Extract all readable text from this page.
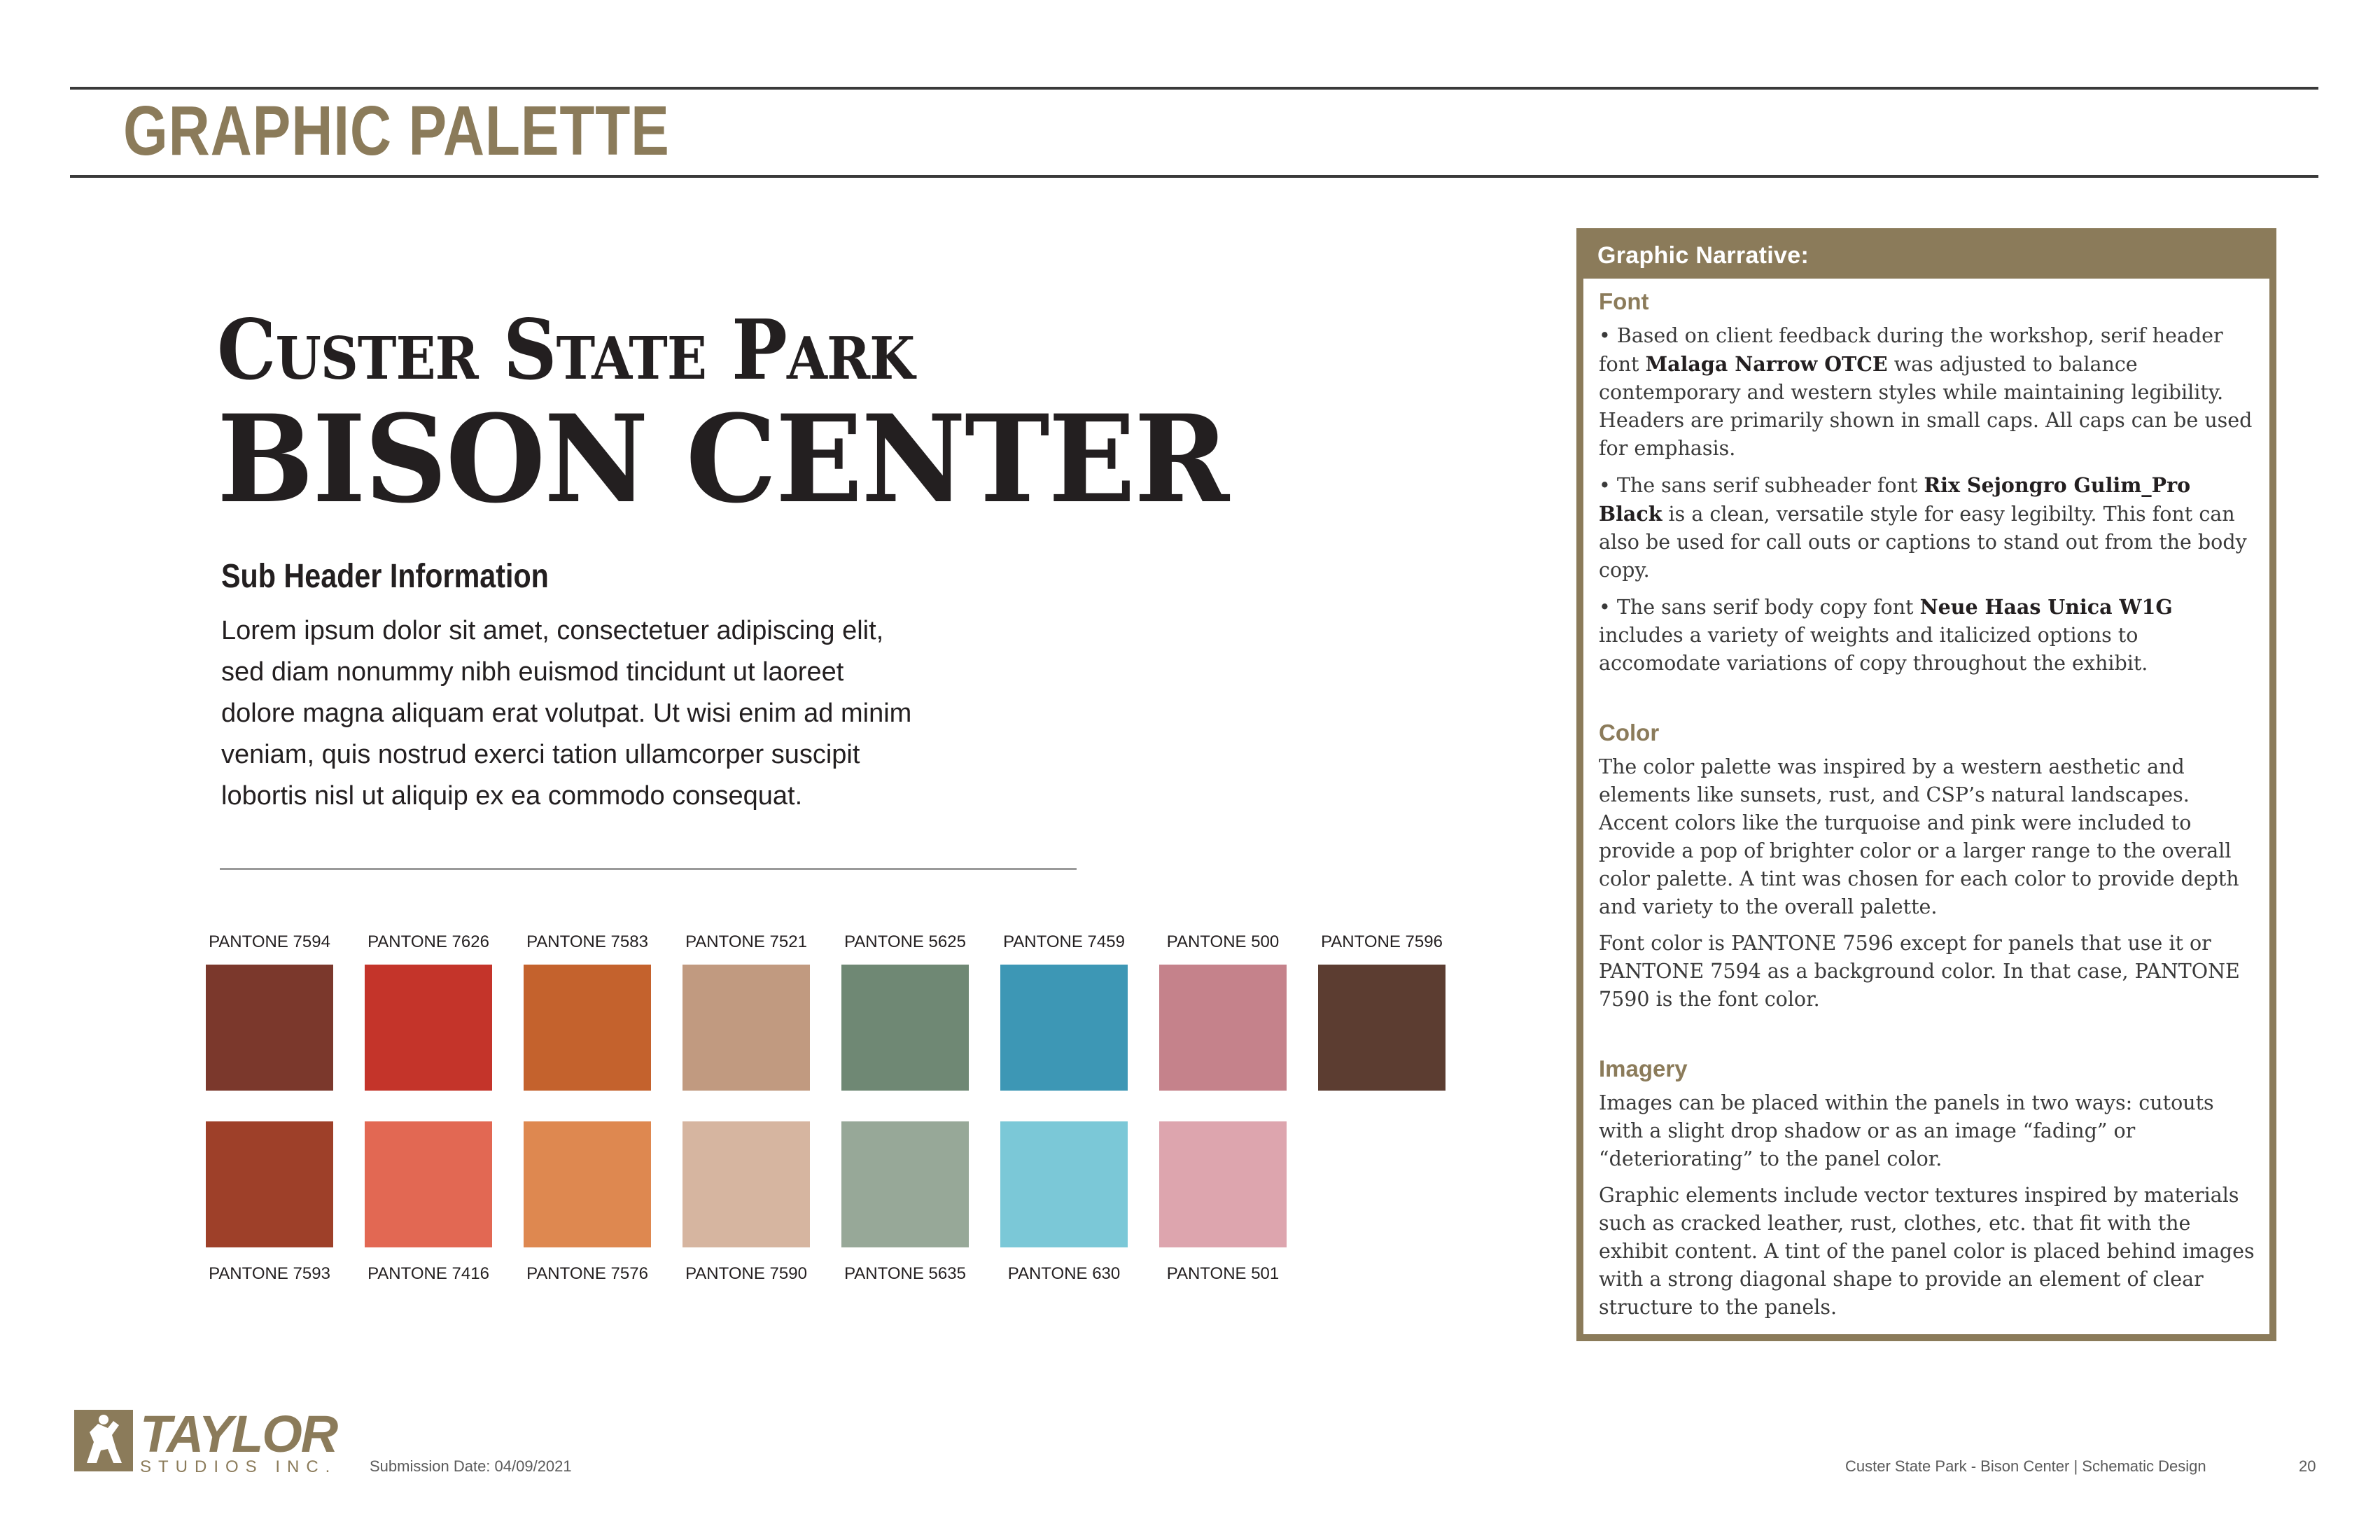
GRAPHIC PALETTE
Custer State Park
BISON CENTER
Sub Header Information
Lorem ipsum dolor sit amet, consectetuer adipiscing elit,
sed diam nonummy nibh euismod tincidunt ut laoreet
dolore magna aliquam erat volutpat. Ut wisi enim ad minim
veniam, quis nostrud exerci tation ullamcorper suscipit
lobortis nisl ut aliquip ex ea commodo consequat.
PANTONE 7594	PANTONE 7626	PANTONE 7583	PANTONE 7521	PANTONE 5625	PANTONE 7459	PANTONE 500	PANTONE 7596
PANTONE 7593	PANTONE 7416	PANTONE 7576	PANTONE 7590	PANTONE 5635	PANTONE 630	PANTONE 501
Graphic Narrative:
Font

• Based on client feedback during the workshop, serif header font Malaga Narrow OTCE was adjusted to balance contemporary and western styles while maintaining legibility. Headers are primarily shown in small caps. All caps can be used for emphasis.

• The sans serif subheader font Rix Sejongro Gulim_Pro Black is a clean, versatile style for easy legibilty. This font can also be used for call outs or captions to stand out from the body copy.

• The sans serif body copy font Neue Haas Unica W1G includes a variety of weights and italicized options to accomodate variations of copy throughout the exhibit.

Color

The color palette was inspired by a western aesthetic and elements like sunsets, rust, and CSP’s natural landscapes. Accent colors like the turquoise and pink were included to provide a pop of brighter color or a larger range to the overall color palette. A tint was chosen for each color to provide depth and variety to the overall palette.

Font color is PANTONE 7596 except for panels that use it or PANTONE 7594 as a background color. In that case, PANTONE 7590 is the font color.

Imagery

Images can be placed within the panels in two ways: cutouts with a slight drop shadow or as an image “fading” or “deteriorating” to the panel color.

Graphic elements include vector textures inspired by materials such as cracked leather, rust, clothes, etc. that fit with the exhibit content. A tint of the panel color is placed behind images with a strong diagonal shape to provide an element of clear structure to the panels.

TAYLOR
STUDIOS INC. Submission Date: 04/09/2021	Custer State Park - Bison Center | Schematic Design	20
